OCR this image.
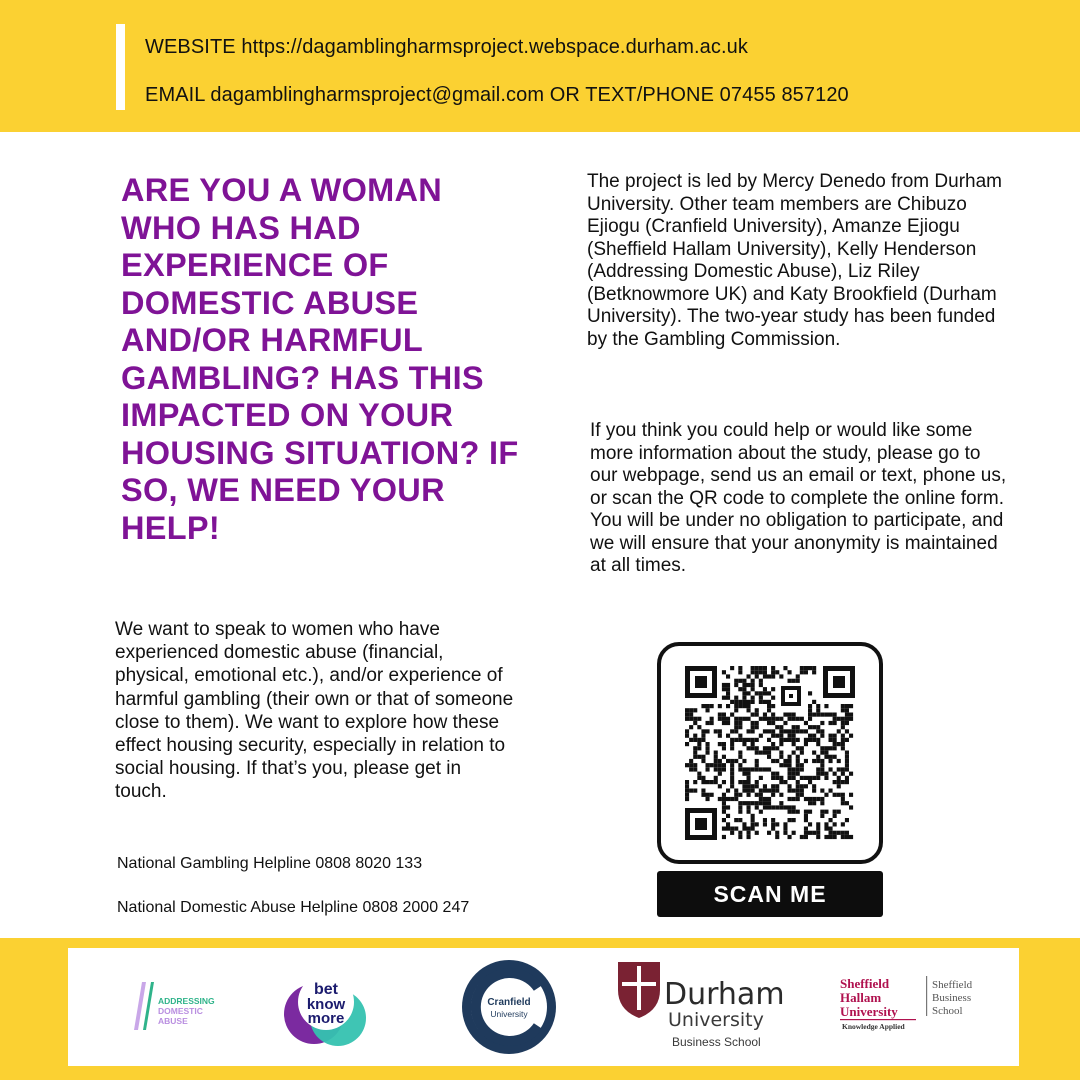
WEBSITE https://dagamblingharmsproject.webspace.durham.ac.uk
EMAIL dagamblingharmsproject@gmail.com OR TEXT/PHONE 07455 857120
ARE YOU A WOMAN WHO HAS HAD EXPERIENCE OF DOMESTIC ABUSE AND/OR HARMFUL GAMBLING? HAS THIS IMPACTED ON YOUR HOUSING SITUATION? IF SO, WE NEED YOUR HELP!
We want to speak to women who have experienced domestic abuse (financial, physical, emotional etc.), and/or experience of harmful gambling (their own or that of someone close to them). We want to explore how these effect housing security, especially in relation to social housing. If that’s you, please get in touch.
National Gambling Helpline 0808 8020 133
National Domestic Abuse Helpline 0808 2000 247
The project is led by Mercy Denedo from Durham University. Other team members are Chibuzo Ejiogu (Cranfield University), Amanze Ejiogu (Sheffield Hallam University), Kelly Henderson (Addressing Domestic Abuse), Liz Riley (Betknowmore UK) and Katy Brookfield (Durham University). The two-year study has been funded by the Gambling Commission.
If you think you could help or would like some more information about the study, please go to our webpage, send us an email or text, phone us, or scan the QR code to complete the online form. You will be under no obligation to participate, and we will ensure that your anonymity is maintained at all times.
SCAN ME
ADDRESSING
DOMESTIC
ABUSE
bet
know
more
Cranfield
University
Durham
University
Business School
Sheffield
Hallam
University
Knowledge Applied
Sheffield
Business
School
